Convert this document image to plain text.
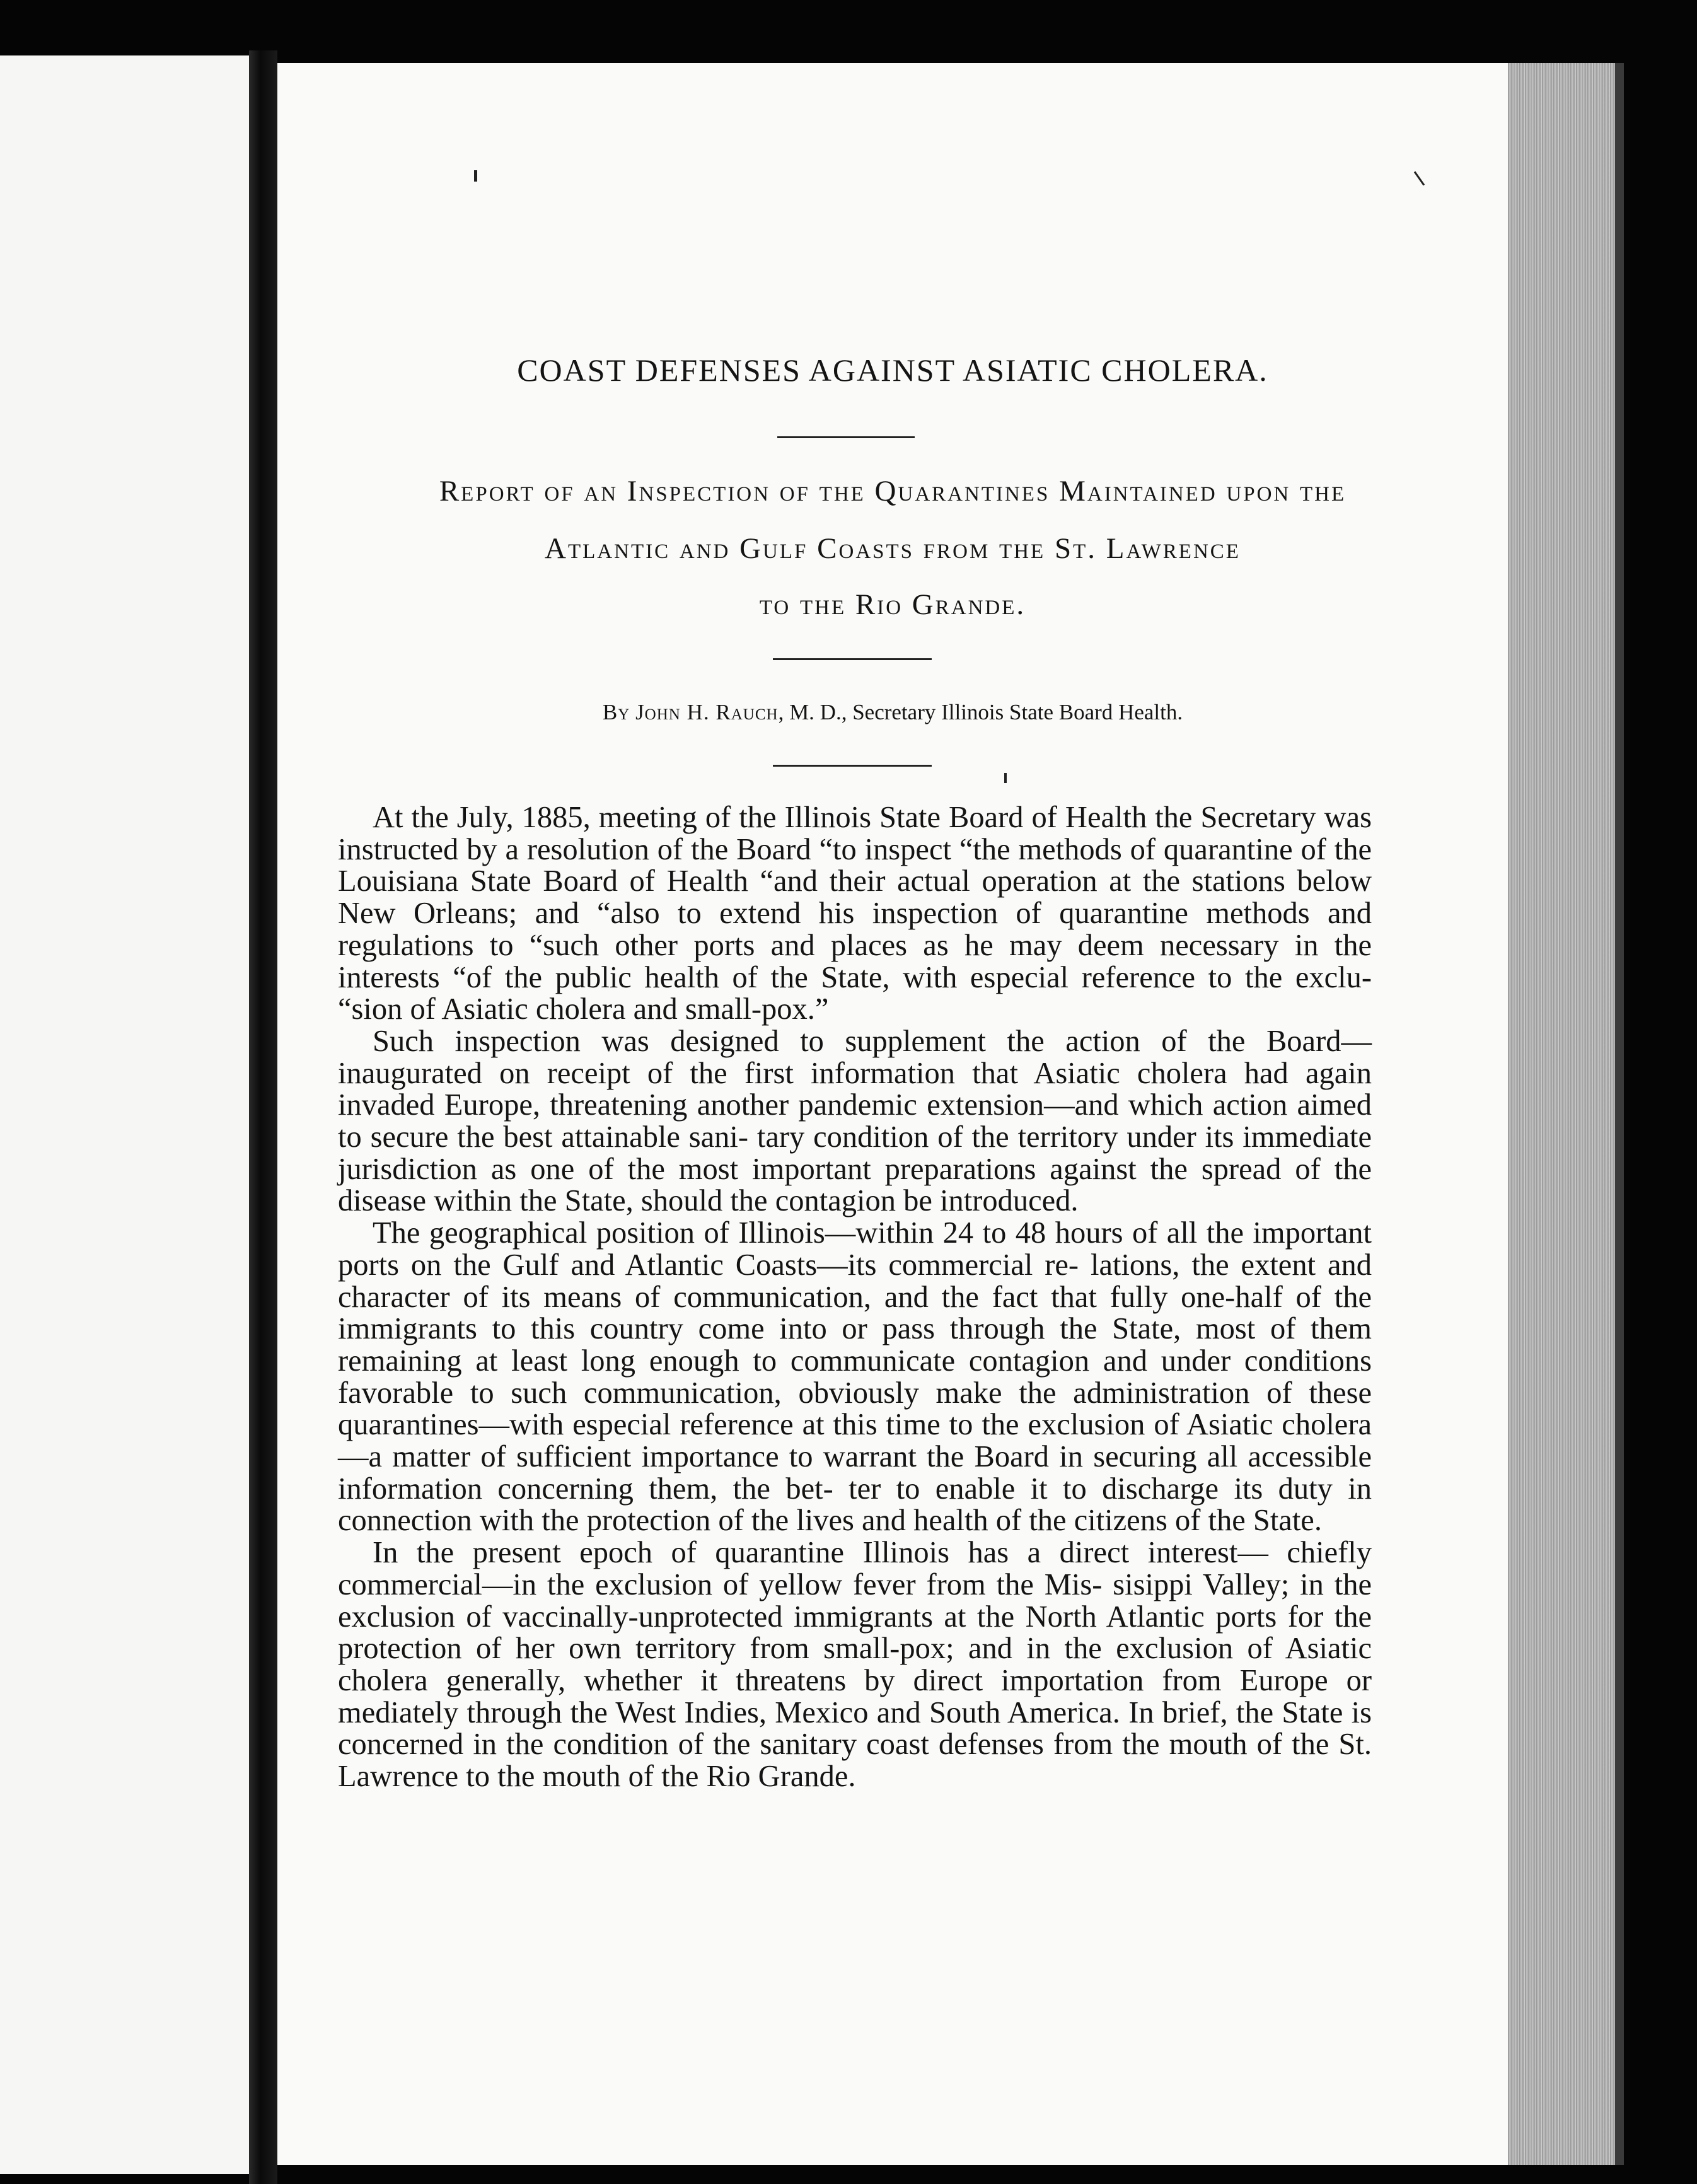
COAST DEFENSES AGAINST ASIATIC CHOLERA.
Report of an Inspection of the Quarantines Maintained upon the
Atlantic and Gulf Coasts from the St. Lawrence
to the Rio Grande.
By John H. Rauch, M. D., Secretary Illinois State Board Health.

At the July, 1885, meeting of the Illinois State Board of Health the Secretary was instructed by a resolution of the Board “to inspect “the methods of quarantine of the Louisiana State Board of Health “and their actual operation at the stations below New Orleans; and “also to extend his inspection of quarantine methods and regulations to “such other ports and places as he may deem necessary in the interests “of the public health of the State, with especial reference to the exclu- “sion of Asiatic cholera and small-pox.”

Such inspection was designed to supplement the action of the Board—inaugurated on receipt of the first information that Asiatic cholera had again invaded Europe, threatening another pandemic extension—and which action aimed to secure the best attainable sani- tary condition of the territory under its immediate jurisdiction as one of the most important preparations against the spread of the disease within the State, should the contagion be introduced.

The geographical position of Illinois—within 24 to 48 hours of all the important ports on the Gulf and Atlantic Coasts—its commercial re- lations, the extent and character of its means of communication, and the fact that fully one-half of the immigrants to this country come into or pass through the State, most of them remaining at least long enough to communicate contagion and under conditions favorable to such communication, obviously make the administration of these quarantines—with especial reference at this time to the exclusion of Asiatic cholera—a matter of sufficient importance to warrant the Board in securing all accessible information concerning them, the bet- ter to enable it to discharge its duty in connection with the protection of the lives and health of the citizens of the State.

In the present epoch of quarantine Illinois has a direct interest— chiefly commercial—in the exclusion of yellow fever from the Mis- sisippi Valley; in the exclusion of vaccinally-unprotected immigrants at the North Atlantic ports for the protection of her own territory from small-pox; and in the exclusion of Asiatic cholera generally, whether it threatens by direct importation from Europe or mediately through the West Indies, Mexico and South America. In brief, the State is concerned in the condition of the sanitary coast defenses from the mouth of the St. Lawrence to the mouth of the Rio Grande.
